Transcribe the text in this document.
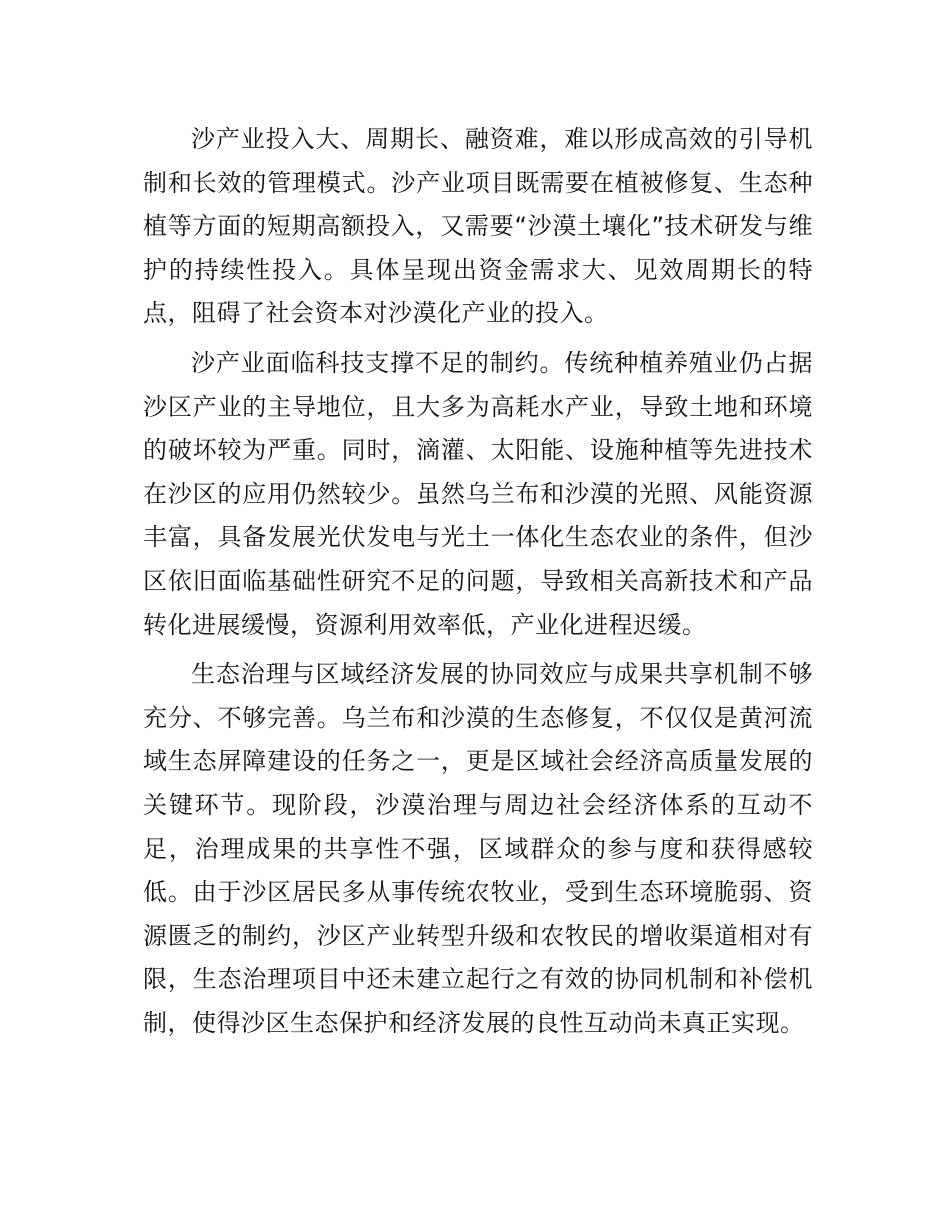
沙产业投入大、周期长、融资难，难以形成高效的引导机制和长效的管理模式。沙产业项目既需要在植被修复、生态种植等方面的短期高额投入，又需要“沙漠土壤化”技术研发与维护的持续性投入。具体呈现出资金需求大、见效周期长的特点，阻碍了社会资本对沙漠化产业的投入。

沙产业面临科技支撑不足的制约。传统种植养殖业仍占据沙区产业的主导地位，且大多为高耗水产业，导致土地和环境的破坏较为严重。同时，滴灌、太阳能、设施种植等先进技术在沙区的应用仍然较少。虽然乌兰布和沙漠的光照、风能资源丰富，具备发展光伏发电与光土一体化生态农业的条件，但沙区依旧面临基础性研究不足的问题，导致相关高新技术和产品转化进展缓慢，资源利用效率低，产业化进程迟缓。

生态治理与区域经济发展的协同效应与成果共享机制不够充分、不够完善。乌兰布和沙漠的生态修复，不仅仅是黄河流域生态屏障建设的任务之一，更是区域社会经济高质量发展的关键环节。现阶段，沙漠治理与周边社会经济体系的互动不足，治理成果的共享性不强，区域群众的参与度和获得感较低。由于沙区居民多从事传统农牧业，受到生态环境脆弱、资源匮乏的制约，沙区产业转型升级和农牧民的增收渠道相对有限，生态治理项目中还未建立起行之有效的协同机制和补偿机制，使得沙区生态保护和经济发展的良性互动尚未真正实现。
